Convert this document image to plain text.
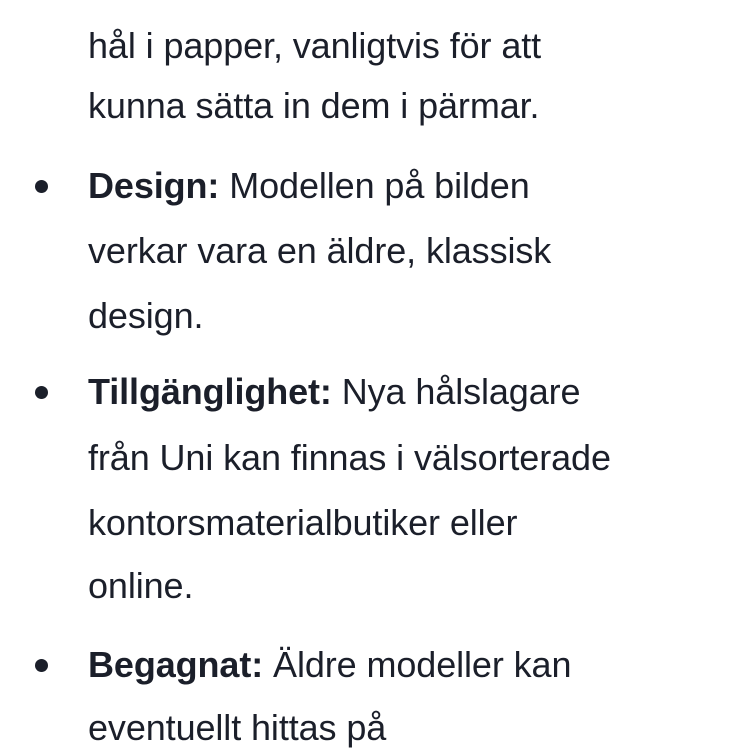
hål i papper, vanligtvis för att
kunna sätta in dem i pärmar.
Design: Modellen på bilden
verkar vara en äldre, klassisk
design.
Tillgänglighet: Nya hålslagare
från Uni kan finnas i välsorterade
kontorsmaterialbutiker eller
online.
Begagnat: Äldre modeller kan
eventuellt hittas på
